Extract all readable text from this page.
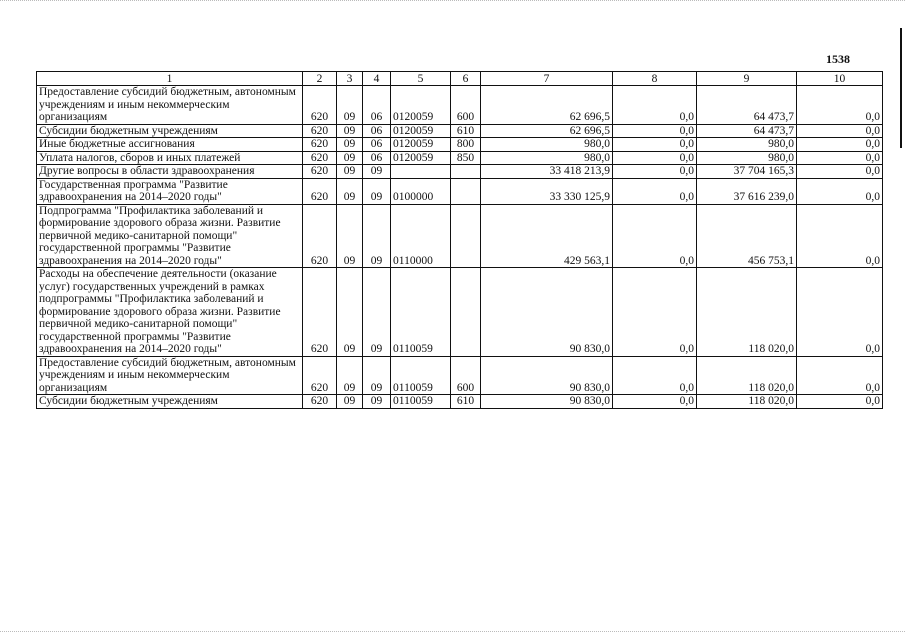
1538
1	2	3	4	5	6	7	8	9	10
Предоставление субсидий бюджетным, автономным учреждениям и иным некоммерческим организациям	620	09	06	0120059	600	62 696,5	0,0	64 473,7	0,0
Субсидии бюджетным учреждениям	620	09	06	0120059	610	62 696,5	0,0	64 473,7	0,0
Иные бюджетные ассигнования	620	09	06	0120059	800	980,0	0,0	980,0	0,0
Уплата налогов, сборов и иных платежей	620	09	06	0120059	850	980,0	0,0	980,0	0,0
Другие вопросы в области здравоохранения	620	09	09			33 418 213,9	0,0	37 704 165,3	0,0
Государственная программа "Развитие здравоохранения на 2014–2020 годы"	620	09	09	0100000		33 330 125,9	0,0	37 616 239,0	0,0
Подпрограмма "Профилактика заболеваний и формирование здорового образа жизни. Развитие первичной медико-санитарной помощи" государственной программы "Развитие здравоохранения на 2014–2020 годы"	620	09	09	0110000		429 563,1	0,0	456 753,1	0,0
Расходы на обеспечение деятельности (оказание услуг) государственных учреждений в рамках подпрограммы "Профилактика заболеваний и формирование здорового образа жизни. Развитие первичной медико-санитарной помощи" государственной программы "Развитие здравоохранения на 2014–2020 годы"	620	09	09	0110059		90 830,0	0,0	118 020,0	0,0
Предоставление субсидий бюджетным, автономным учреждениям и иным некоммерческим организациям	620	09	09	0110059	600	90 830,0	0,0	118 020,0	0,0
Субсидии бюджетным учреждениям	620	09	09	0110059	610	90 830,0	0,0	118 020,0	0,0
